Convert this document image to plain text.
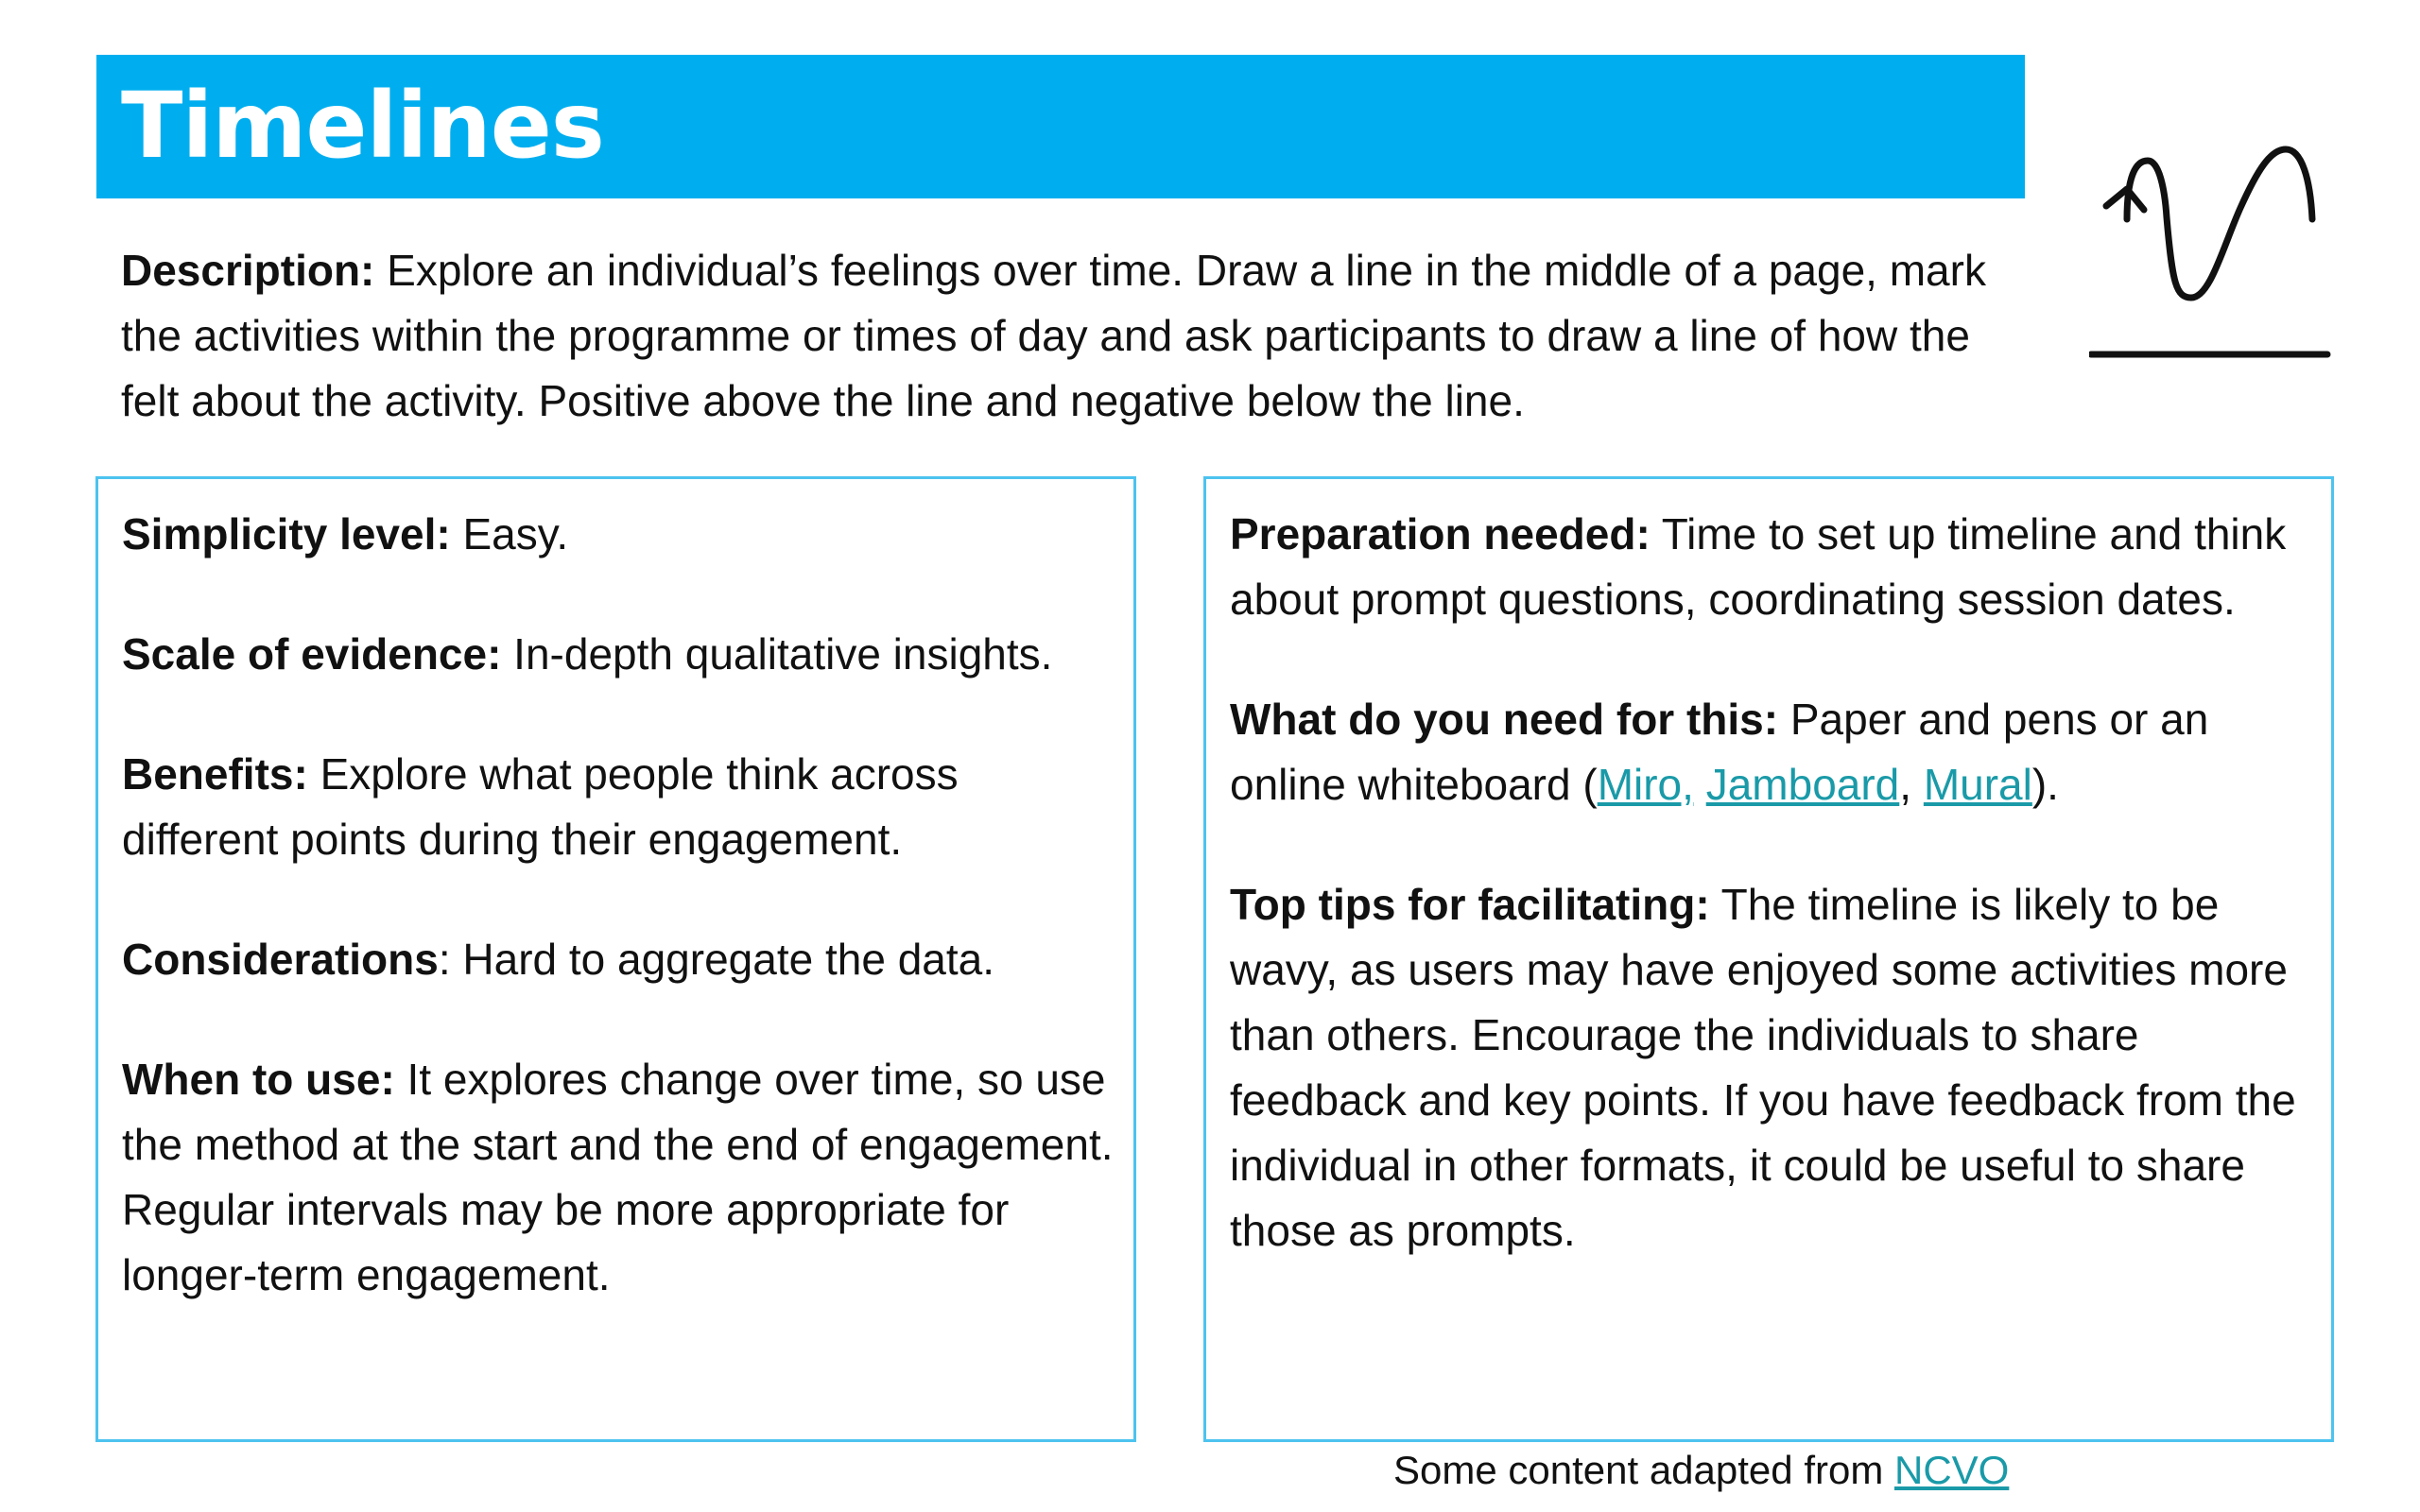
Timelines
Description: Explore an individual’s feelings over time. Draw a line in the middle of a page, mark the activities within the programme or times of day and ask participants to draw a line of how the felt about the activity. Positive above the line and negative below the line.

Simplicity level: Easy.

Scale of evidence: In-depth qualitative insights.

Benefits: Explore what people think across different points during their engagement.

Considerations: Hard to aggregate the data.

When to use: It explores change over time, so use the method at the start and the end of engagement. Regular intervals may be more appropriate for longer-term engagement.

Preparation needed: Time to set up timeline and think about prompt questions, coordinating session dates.

What do you need for this: Paper and pens or an online whiteboard (Miro, Jamboard, Mural).

Top tips for facilitating: The timeline is likely to be wavy, as users may have enjoyed some activities more than others. Encourage the individuals to share feedback and key points. If you have feedback from the individual in other formats, it could be useful to share those as prompts.

Some content adapted from NCVO
